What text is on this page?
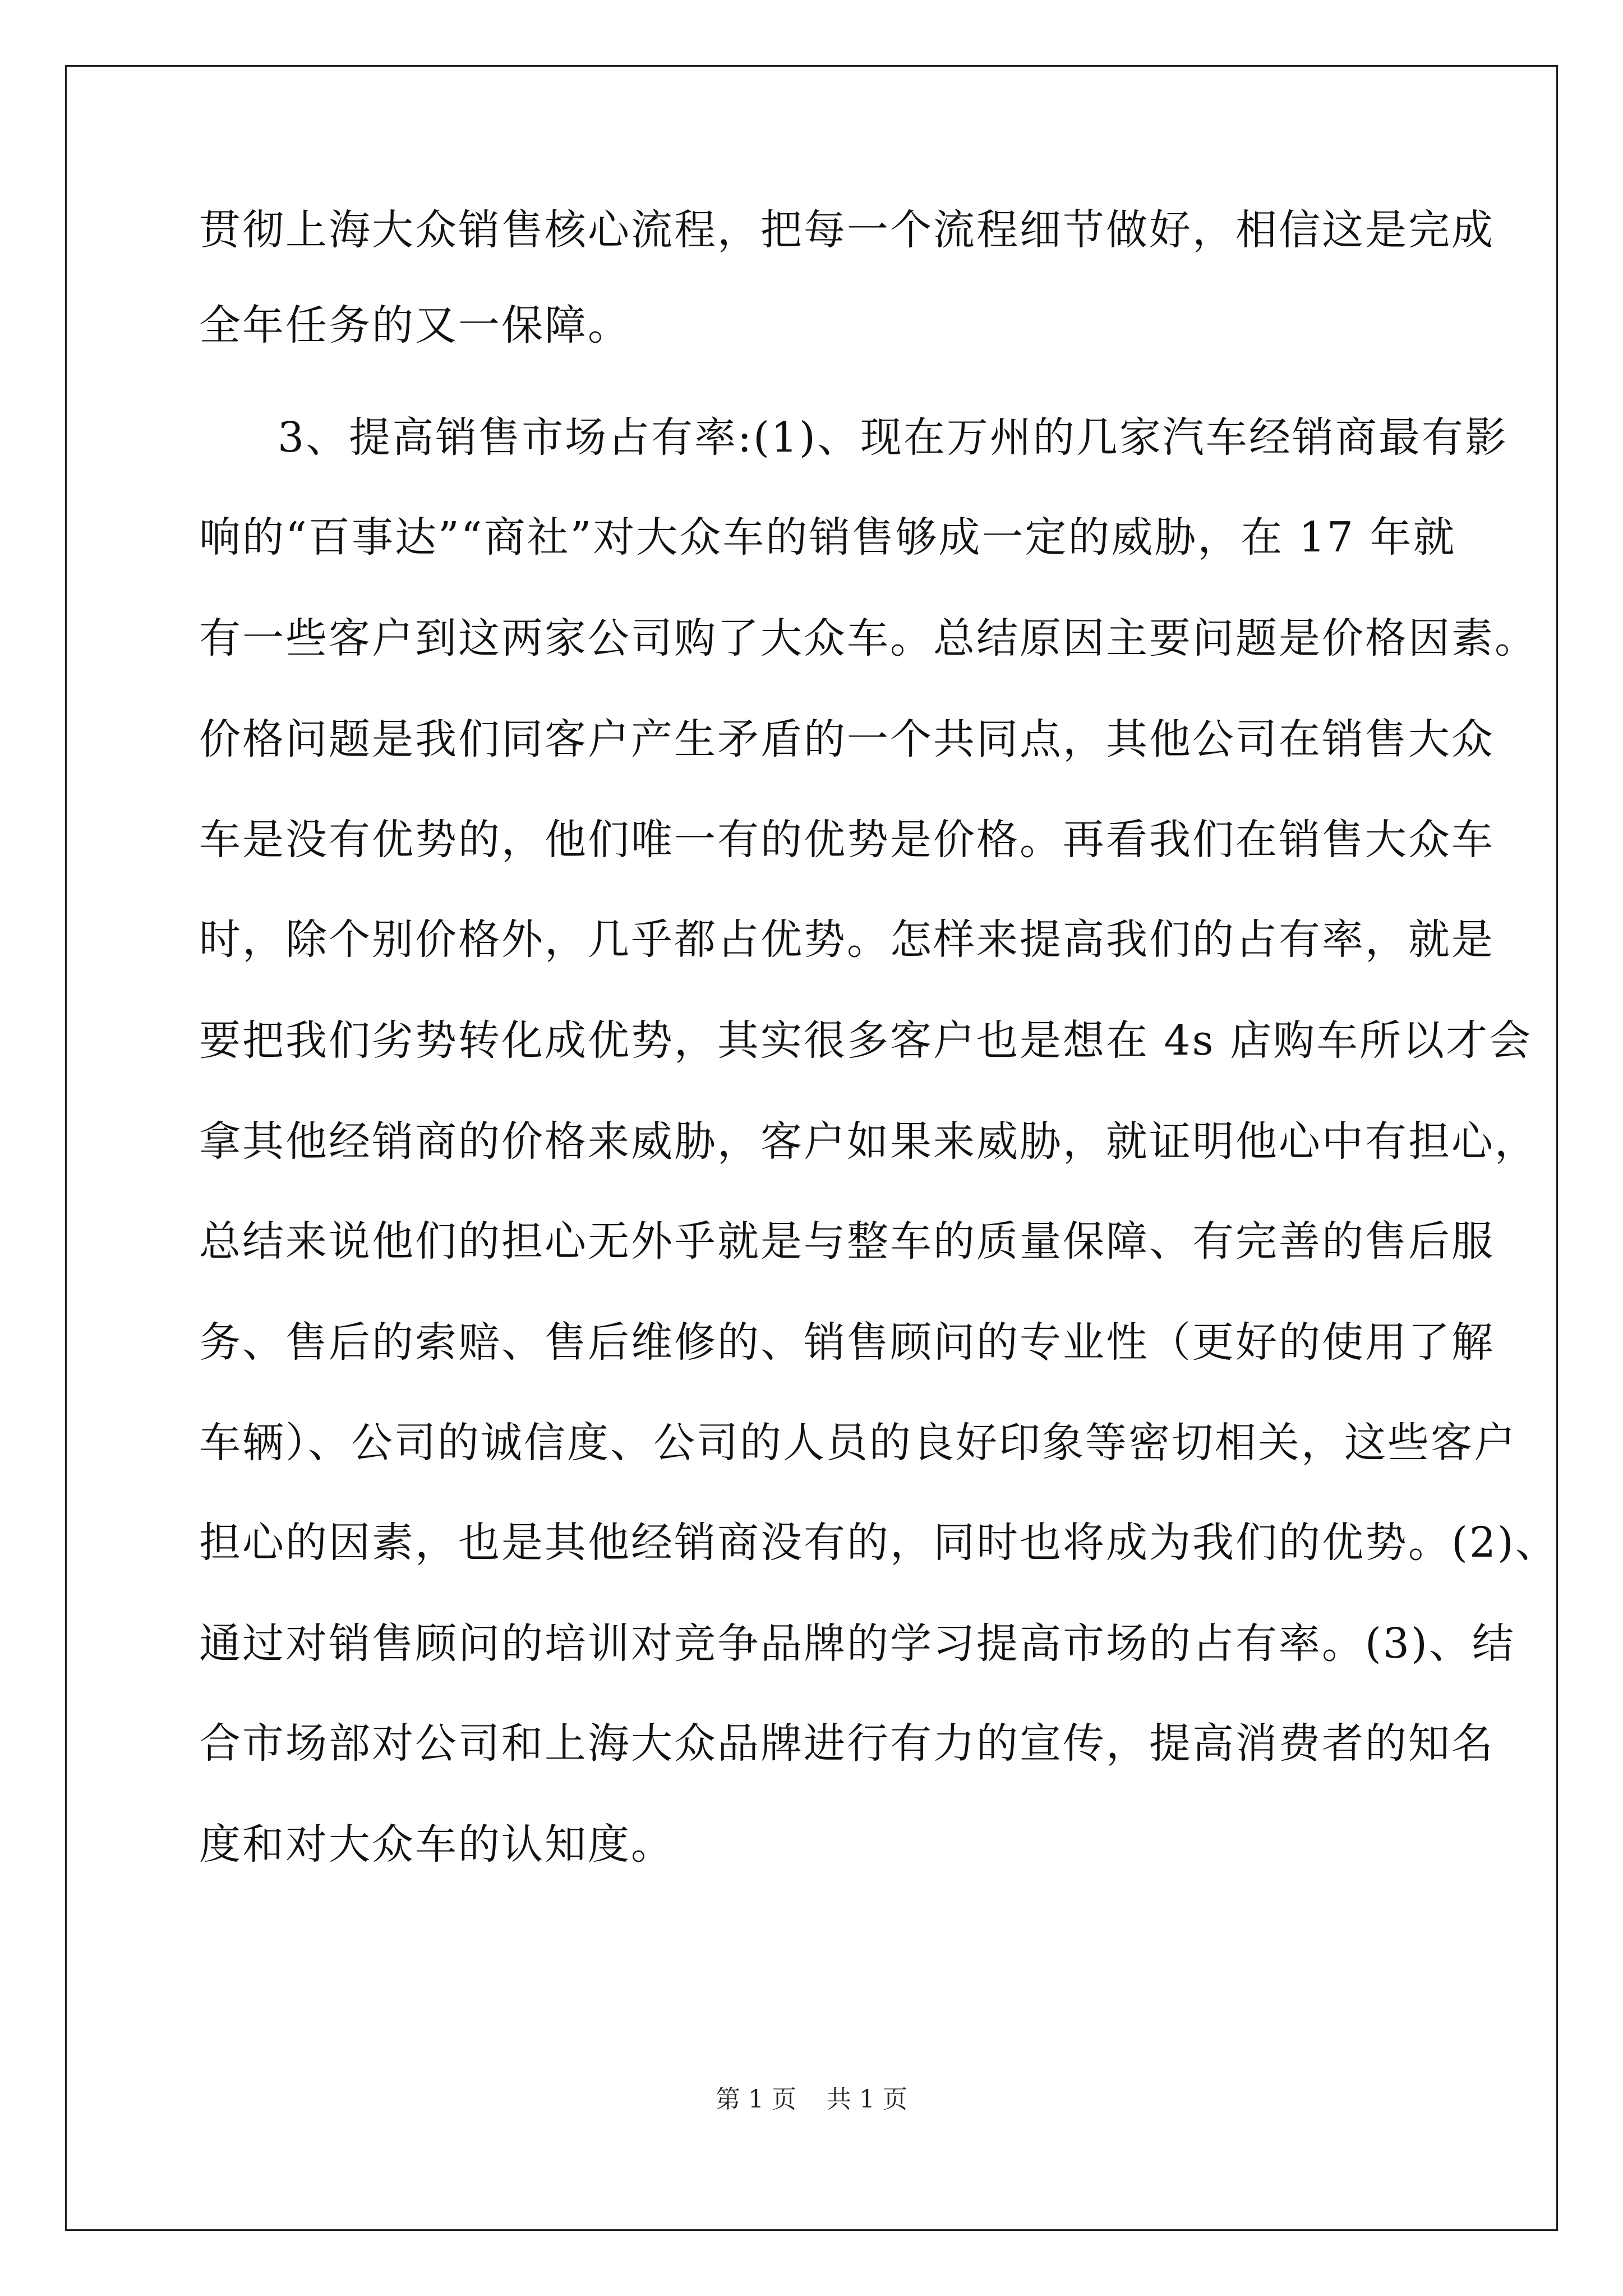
贯彻上海大众销售核心流程，把每一个流程细节做好，相信这是完成
全年任务的又一保障。
3、提高销售市场占有率:(1)、现在万州的几家汽车经销商最有影
响的“百事达”“商社”对大众车的销售够成一定的威胁，在 17 年就
有一些客户到这两家公司购了大众车。总结原因主要问题是价格因素。
价格问题是我们同客户产生矛盾的一个共同点，其他公司在销售大众
车是没有优势的，他们唯一有的优势是价格。再看我们在销售大众车
时，除个别价格外，几乎都占优势。怎样来提高我们的占有率，就是
要把我们劣势转化成优势，其实很多客户也是想在 4s 店购车所以才会
拿其他经销商的价格来威胁，客户如果来威胁，就证明他心中有担心，
总结来说他们的担心无外乎就是与整车的质量保障、有完善的售后服
务、售后的索赔、售后维修的、销售顾问的专业性（更好的使用了解
车辆）、公司的诚信度、公司的人员的良好印象等密切相关，这些客户
担心的因素，也是其他经销商没有的，同时也将成为我们的优势。(2)、
通过对销售顾问的培训对竞争品牌的学习提高市场的占有率。(3)、结
合市场部对公司和上海大众品牌进行有力的宣传，提高消费者的知名
度和对大众车的认知度。
第 1 页 共 1 页
